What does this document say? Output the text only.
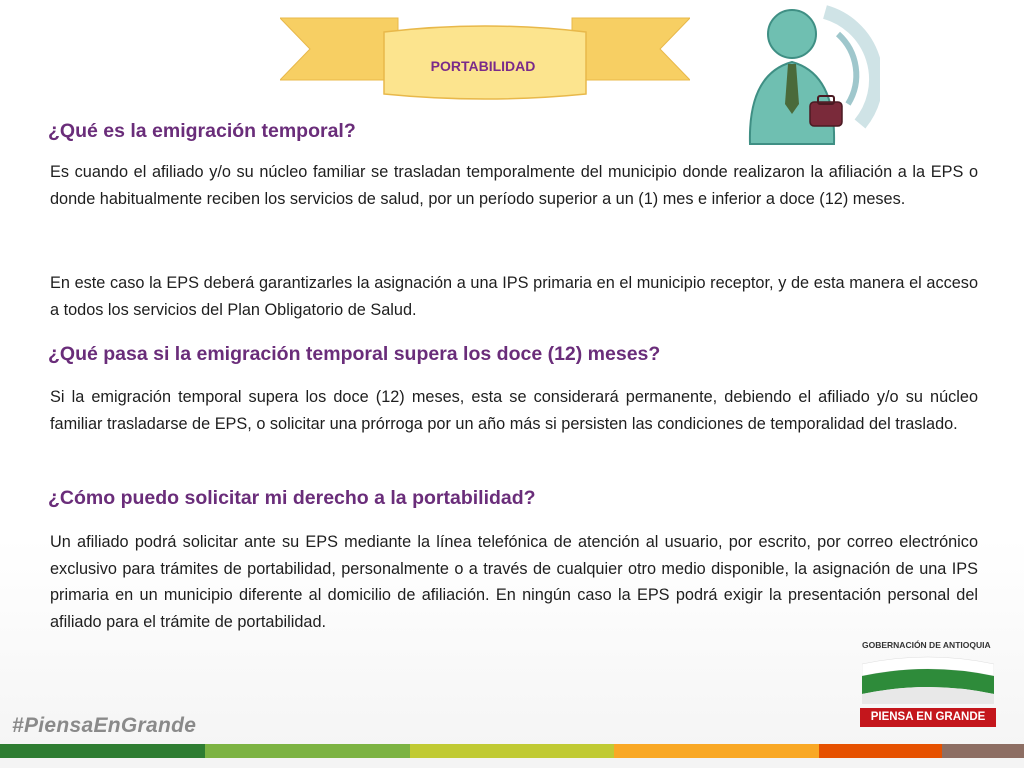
PORTABILIDAD
¿Qué es la emigración temporal?

Es cuando el afiliado y/o su núcleo familiar se trasladan temporalmente del municipio donde realizaron la afiliación a la EPS o donde habitualmente reciben los servicios de salud, por un período superior a un (1) mes e inferior a doce (12) meses.

En este caso la EPS deberá garantizarles la asignación a una IPS primaria en el municipio receptor, y de esta manera el acceso a todos los servicios del Plan Obligatorio de Salud.

¿Qué pasa si la emigración temporal supera los doce (12) meses?

Si la emigración temporal supera los doce (12) meses, esta se considerará permanente, debiendo el afiliado y/o su núcleo familiar trasladarse de EPS, o solicitar una prórroga por un año más si persisten las condiciones de temporalidad del traslado.

¿Cómo puedo solicitar mi derecho a la portabilidad?

Un afiliado podrá solicitar ante su EPS mediante la línea telefónica de atención al usuario, por escrito, por correo electrónico exclusivo para trámites de portabilidad, personalmente o a través de cualquier otro medio disponible, la asignación de una IPS primaria en un municipio diferente al domicilio de afiliación. En ningún caso la EPS podrá exigir la presentación personal del afiliado para el trámite de portabilidad.

#PiensaEnGrande
GOBERNACIÓN DE ANTIOQUIA
PIENSA EN GRANDE
